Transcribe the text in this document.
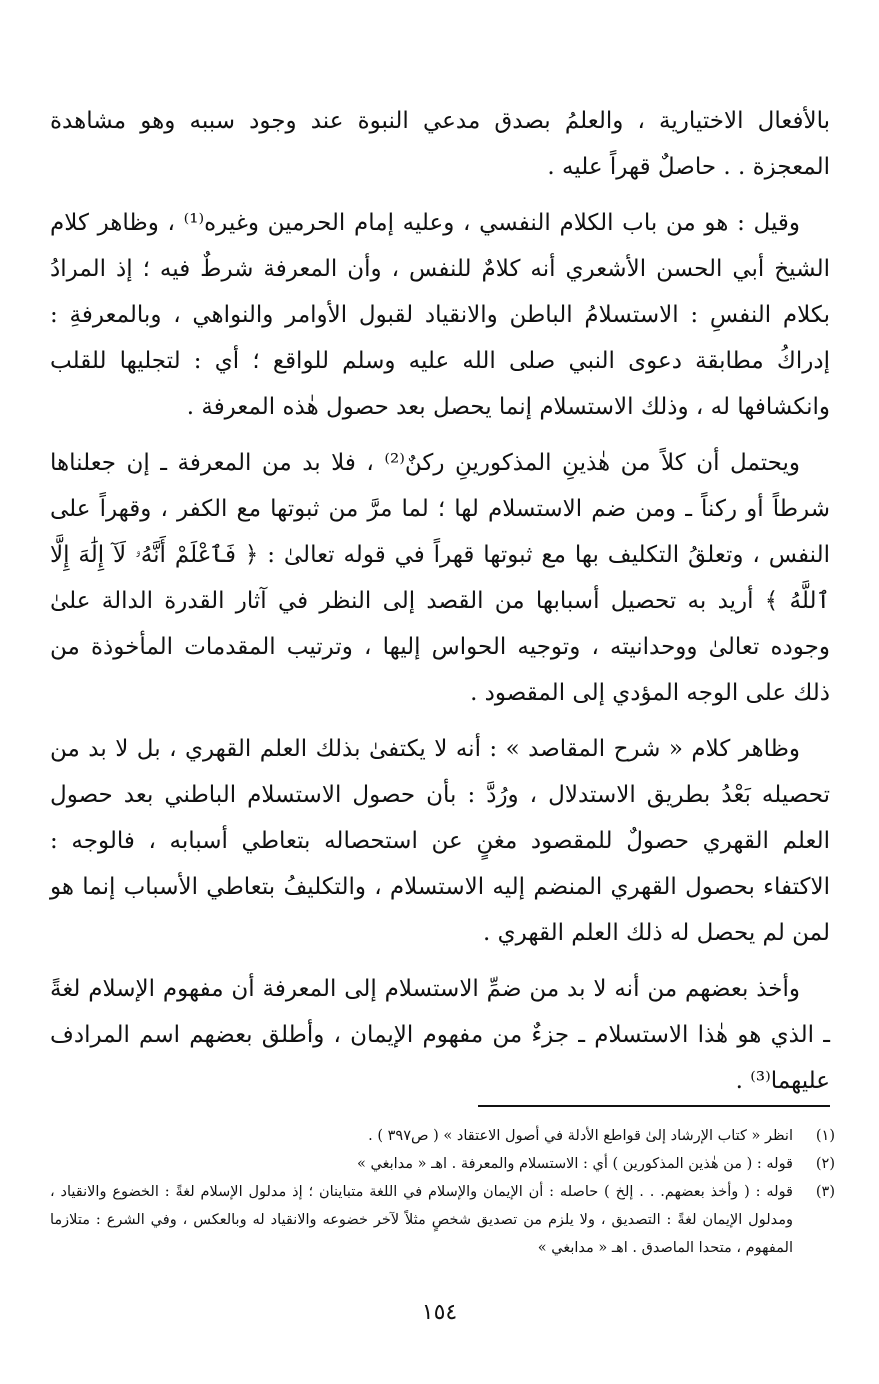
بالأفعال الاختيارية ، والعلمُ بصدق مدعي النبوة عند وجود سببه وهو مشاهدة المعجزة . . حاصلٌ قهراً عليه .

وقيل : هو من باب الكلام النفسي ، وعليه إمام الحرمين وغيره⁽¹⁾ ، وظاهر كلام الشيخ أبي الحسن الأشعري أنه كلامٌ للنفس ، وأن المعرفة شرطٌ فيه ؛ إذ المرادُ بكلام النفسِ : الاستسلامُ الباطن والانقياد لقبول الأوامر والنواهي ، وبالمعرفةِ : إدراكُ مطابقة دعوى النبي صلى الله عليه وسلم للواقع ؛ أي : لتجليها للقلب وانكشافها له ، وذلك الاستسلام إنما يحصل بعد حصول هٰذه المعرفة .

ويحتمل أن كلاً من هٰذينِ المذكورينِ ركنٌ⁽²⁾ ، فلا بد من المعرفة ـ إن جعلناها شرطاً أو ركناً ـ ومن ضم الاستسلام لها ؛ لما مرَّ من ثبوتها مع الكفر ، وقهراً على النفس ، وتعلقُ التكليف بها مع ثبوتها قهراً في قوله تعالىٰ : ﴿ فَٱعْلَمْ أَنَّهُۥ لَآ إِلَٰهَ إِلَّا ٱللَّهُ ﴾ أريد به تحصيل أسبابها من القصد إلى النظر في آثار القدرة الدالة علىٰ وجوده تعالىٰ ووحدانيته ، وتوجيه الحواس إليها ، وترتيب المقدمات المأخوذة من ذلك على الوجه المؤدي إلى المقصود .

وظاهر كلام « شرح المقاصد » : أنه لا يكتفىٰ بذلك العلم القهري ، بل لا بد من تحصيله بَعْدُ بطريق الاستدلال ، ورُدَّ : بأن حصول الاستسلام الباطني بعد حصول العلم القهري حصولٌ للمقصود مغنٍ عن استحصاله بتعاطي أسبابه ، فالوجه : الاكتفاء بحصول القهري المنضم إليه الاستسلام ، والتكليفُ بتعاطي الأسباب إنما هو لمن لم يحصل له ذلك العلم القهري .

وأخذ بعضهم من أنه لا بد من ضمِّ الاستسلام إلى المعرفة أن مفهوم الإسلام لغةً ـ الذي هو هٰذا الاستسلام ـ جزءٌ من مفهوم الإيمان ، وأطلق بعضهم اسم المرادف عليهما⁽³⁾ .

(١)
انظر « كتاب الإرشاد إلىٰ قواطع الأدلة في أصول الاعتقاد » ( ص٣٩٧ ) .
(٢)
قوله : ( من هٰذين المذكورين ) أي : الاستسلام والمعرفة . اهـ « مدابغي »
(٣)
قوله : ( وأخذ بعضهم. . . إلخ ) حاصله : أن الإيمان والإسلام في اللغة متباينان ؛ إذ مدلول الإسلام لغةً : الخضوع والانقياد ، ومدلول الإيمان لغةً : التصديق ، ولا يلزم من تصديق شخصٍ مثلاً لآخر خضوعه والانقياد له وبالعكس ، وفي الشرع : متلازما المفهوم ، متحدا الماصدق . اهـ « مدابغي »
١٥٤
